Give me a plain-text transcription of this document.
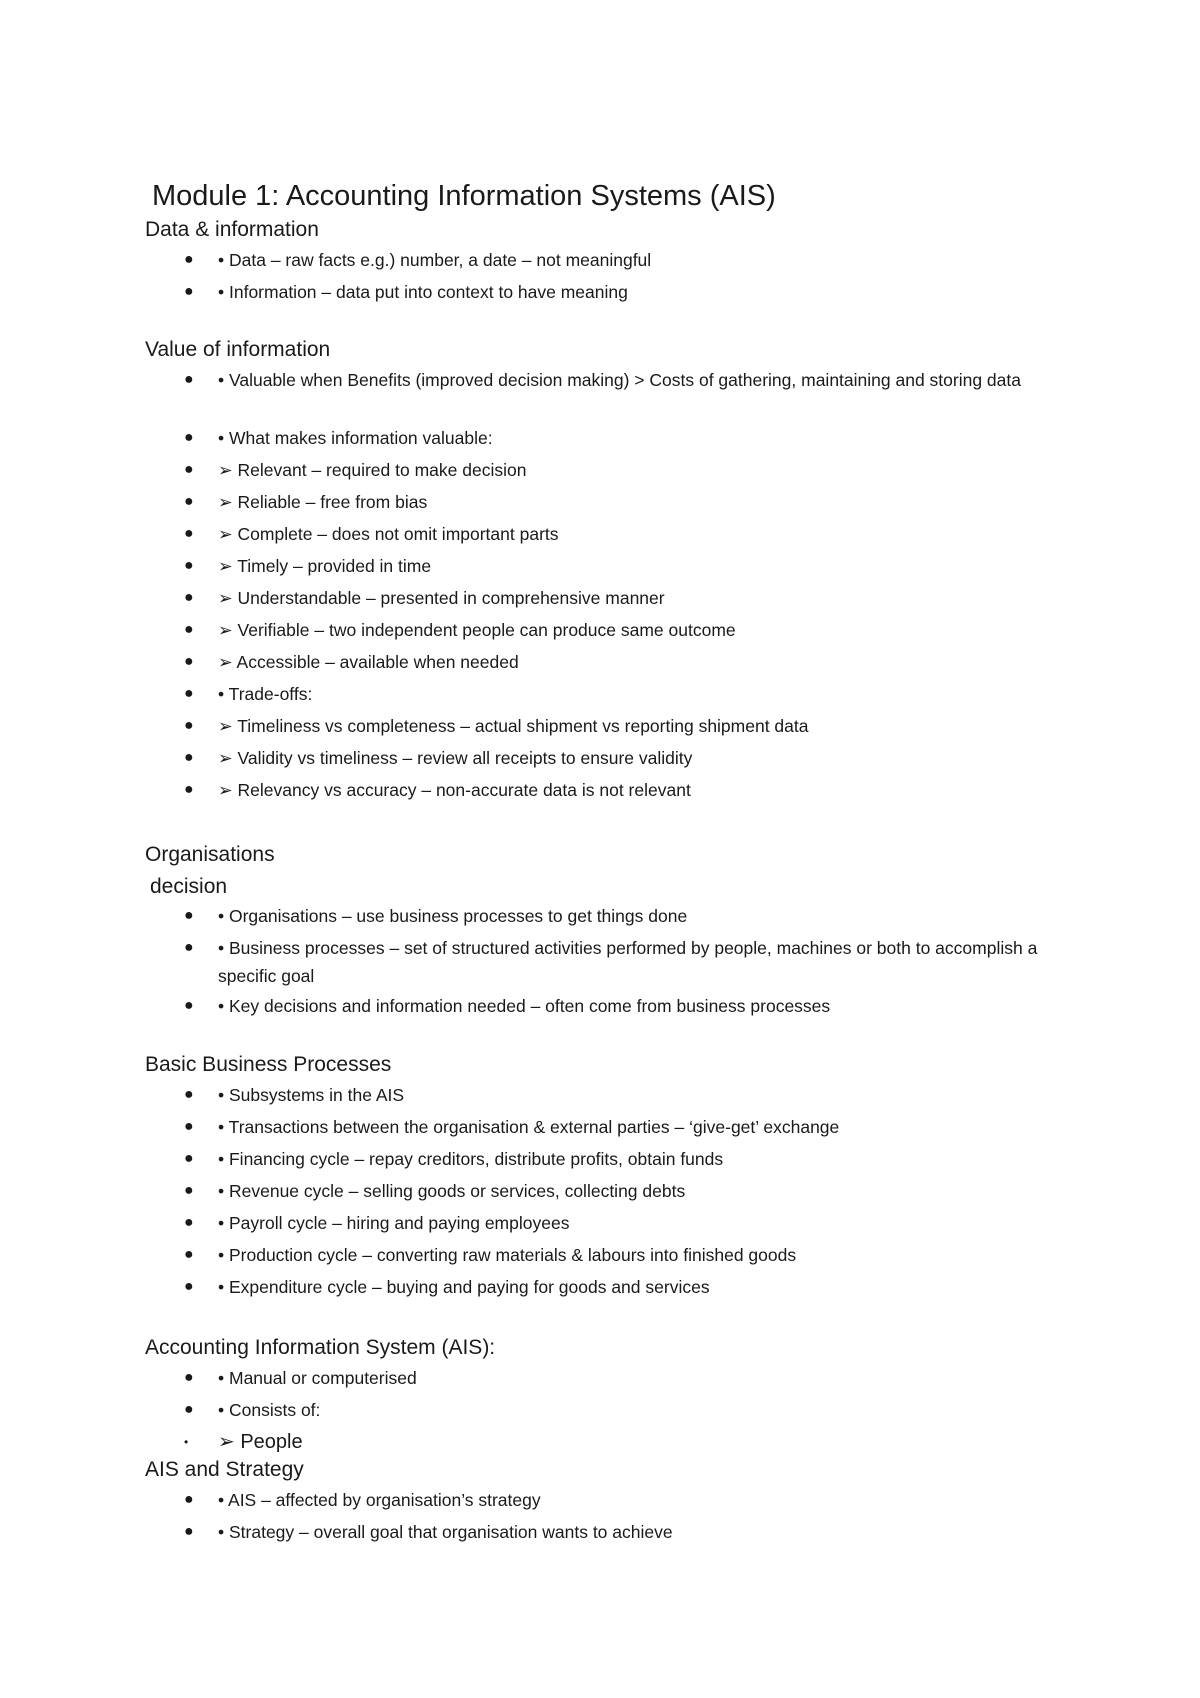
Module 1: Accounting Information Systems (AIS)
Data & information
● • Data – raw facts e.g.) number, a date – not meaningful
● • Information – data put into context to have meaning
Value of information
● • Valuable when Benefits (improved decision making) > Costs of gathering, maintaining and storing data
● • What makes information valuable:
● ➢ Relevant – required to make decision
● ➢ Reliable – free from bias
● ➢ Complete – does not omit important parts
● ➢ Timely – provided in time
● ➢ Understandable – presented in comprehensive manner
● ➢ Verifiable – two independent people can produce same outcome
● ➢ Accessible – available when needed
● • Trade-offs:
● ➢ Timeliness vs completeness – actual shipment vs reporting shipment data
● ➢ Validity vs timeliness – review all receipts to ensure validity
● ➢ Relevancy vs accuracy – non-accurate data is not relevant
Organisations
decision
● • Organisations – use business processes to get things done
● • Business processes – set of structured activities performed by people, machines or both to accomplish a specific goal
● • Key decisions and information needed – often come from business processes
Basic Business Processes
● • Subsystems in the AIS
● • Transactions between the organisation & external parties – ‘give-get’ exchange
● • Financing cycle – repay creditors, distribute profits, obtain funds
● • Revenue cycle – selling goods or services, collecting debts
● • Payroll cycle – hiring and paying employees
● • Production cycle – converting raw materials & labours into finished goods
● • Expenditure cycle – buying and paying for goods and services
Accounting Information System (AIS):
● • Manual or computerised
● • Consists of:
• ➢ People
AIS and Strategy
● • AIS – affected by organisation’s strategy
● • Strategy – overall goal that organisation wants to achieve
